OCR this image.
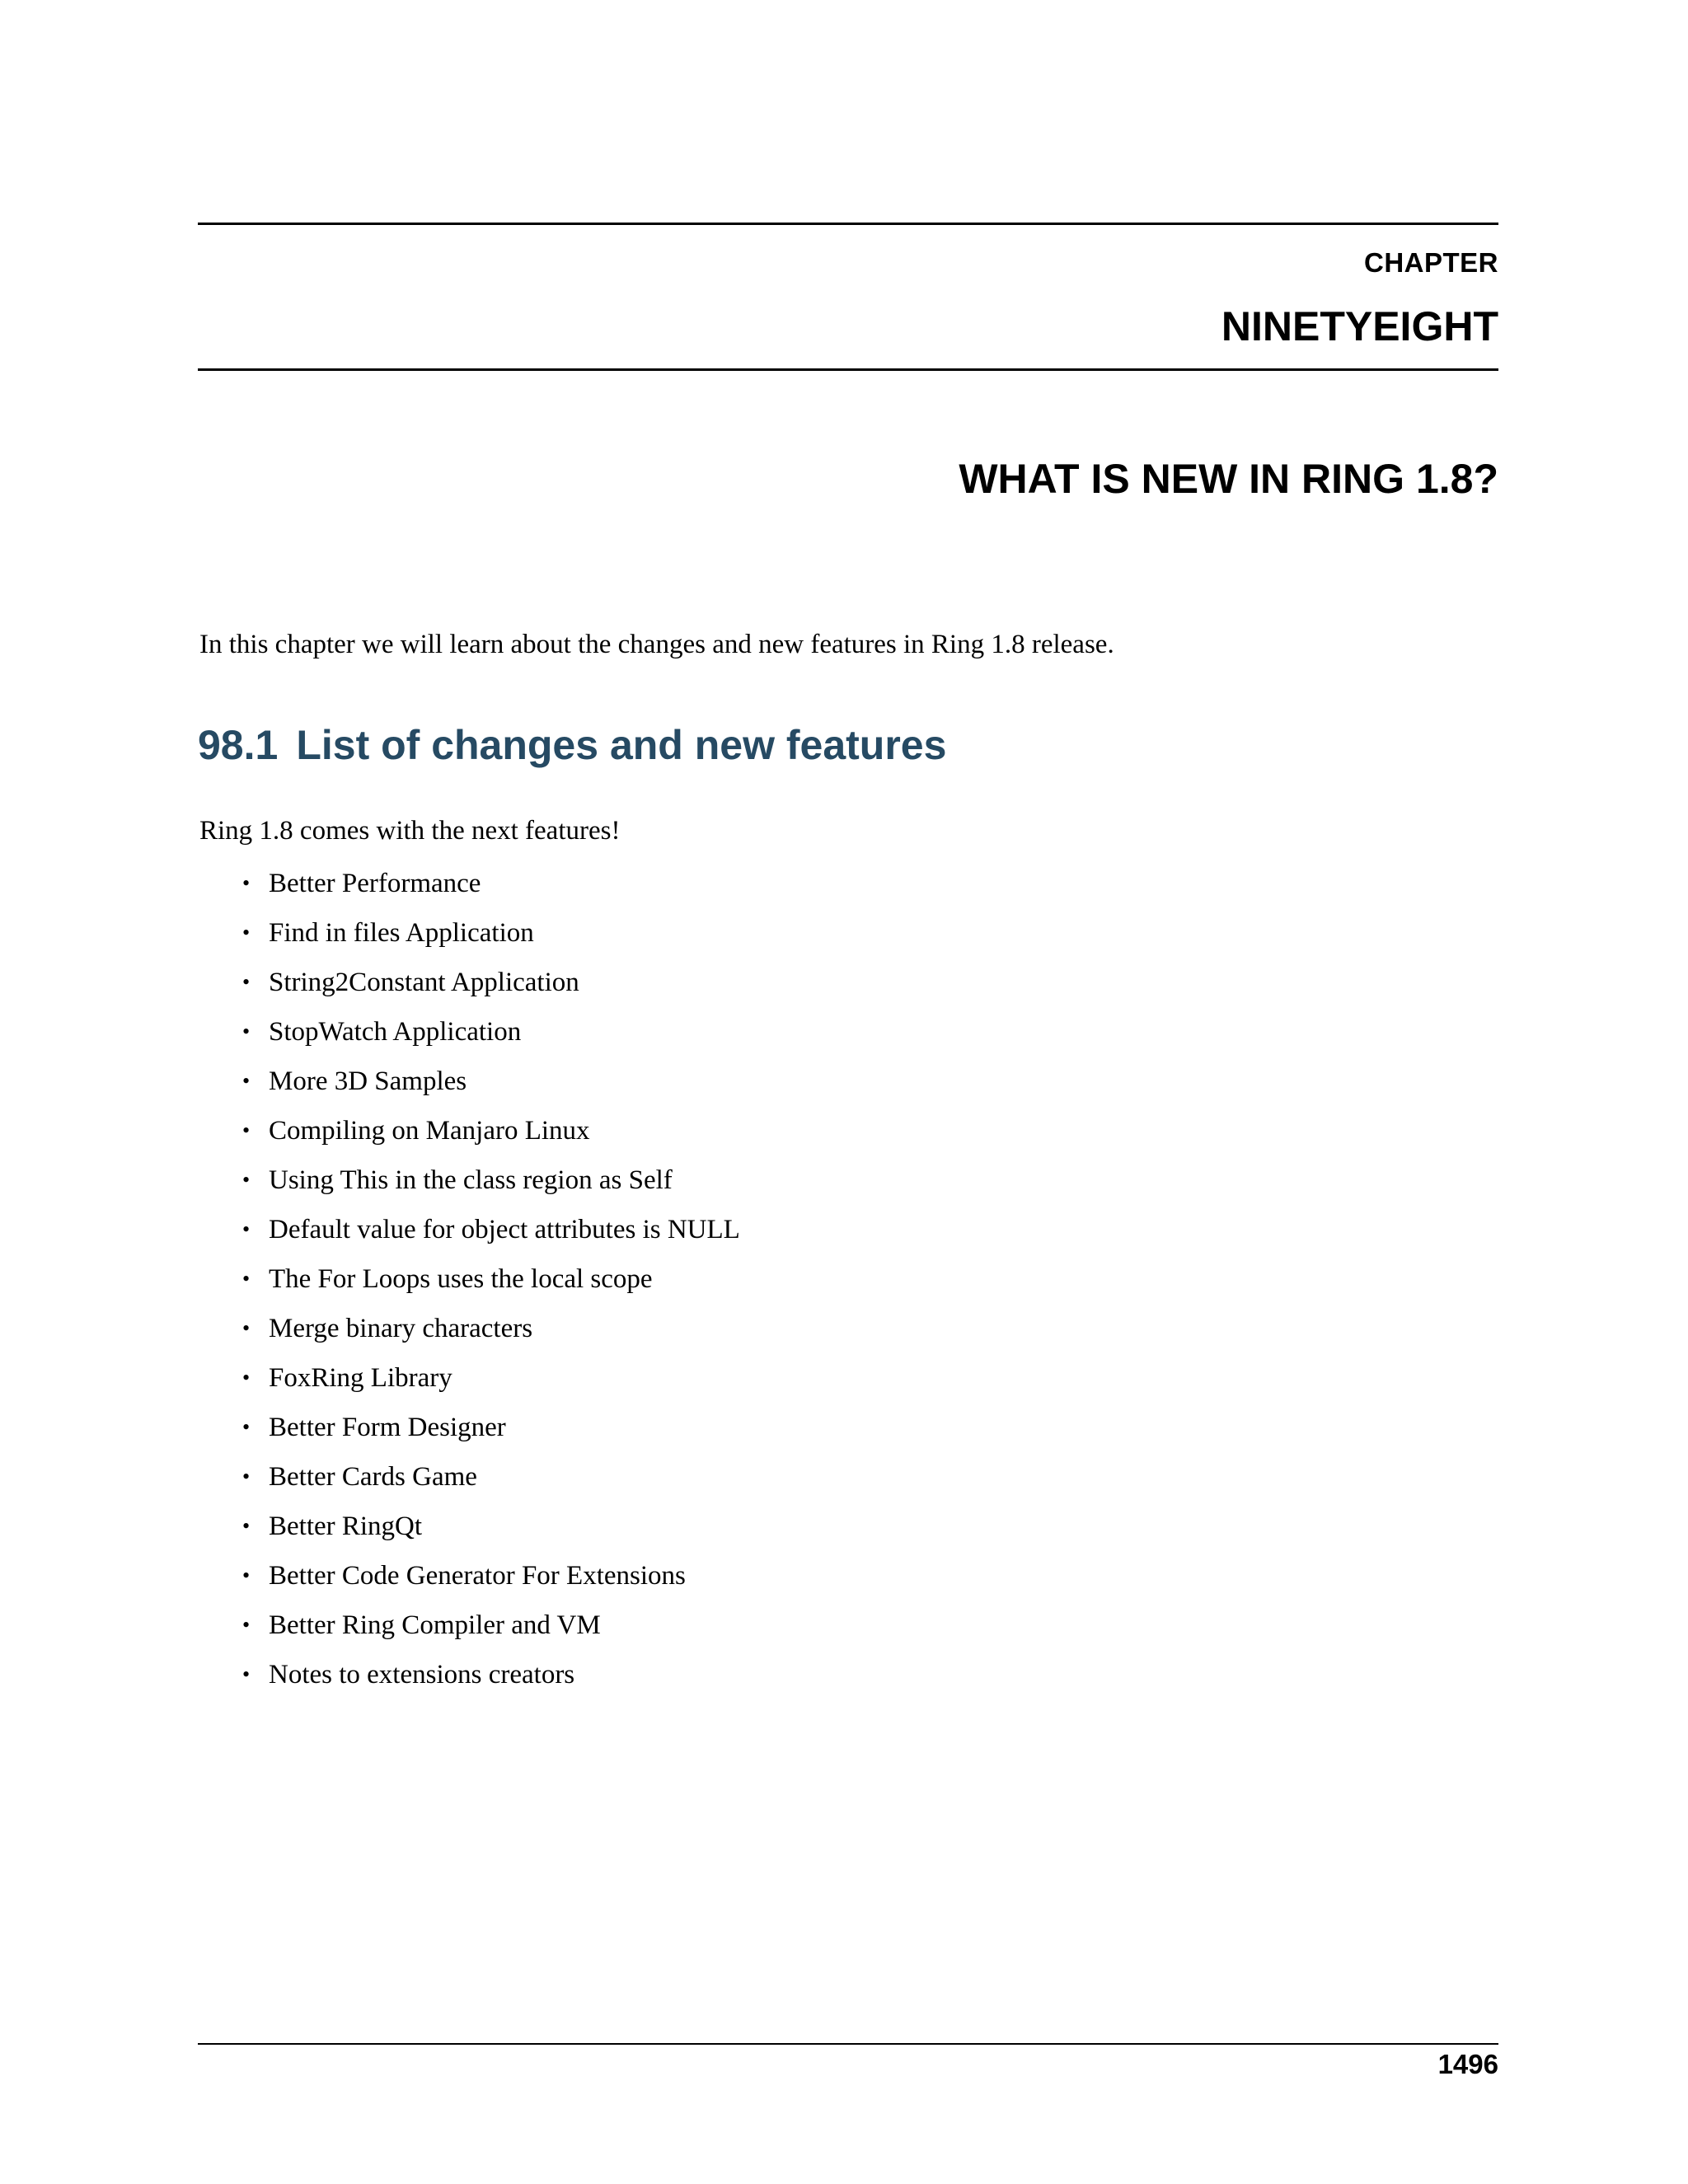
CHAPTER
NINETYEIGHT
WHAT IS NEW IN RING 1.8?

In this chapter we will learn about the changes and new features in Ring 1.8 release.

98.1 List of changes and new features

Ring 1.8 comes with the next features!

• Better Performance
• Find in files Application
• String2Constant Application
• StopWatch Application
• More 3D Samples
• Compiling on Manjaro Linux
• Using This in the class region as Self
• Default value for object attributes is NULL
• The For Loops uses the local scope
• Merge binary characters
• FoxRing Library
• Better Form Designer
• Better Cards Game
• Better RingQt
• Better Code Generator For Extensions
• Better Ring Compiler and VM
• Notes to extensions creators
1496
